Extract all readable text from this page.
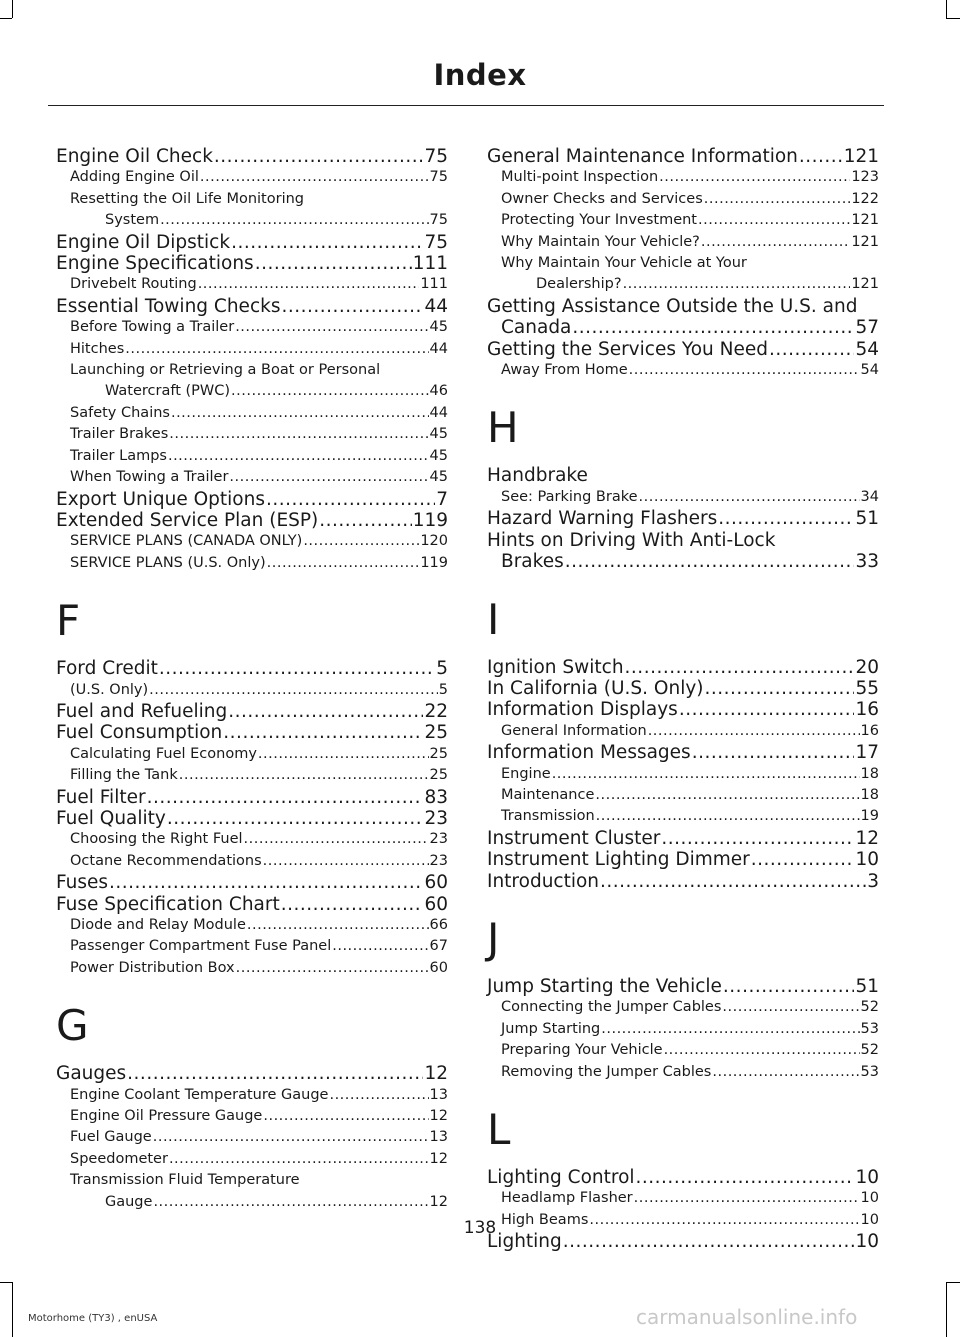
Index
Engine Oil Check .....	75
Adding Engine Oil .....	75
Resetting the Oil Life Monitoring
System .....	75
Engine Oil Dipstick .....	75
Engine Specifications .....	111
Drivebelt Routing .....	111
Essential Towing Checks .....	44
Before Towing a Trailer .....	45
Hitches .....	44
Launching or Retrieving a Boat or Personal
Watercraft (PWC) .....	46
Safety Chains .....	44
Trailer Brakes .....	45
Trailer Lamps .....	45
When Towing a Trailer .....	45
Export Unique Options .....	7
Extended Service Plan (ESP) .....	119
SERVICE PLANS (CANADA ONLY) .....	120
SERVICE PLANS (U.S. Only) .....	119
F
Ford Credit .....	5
(U.S. Only) .....	5
Fuel and Refueling .....	22
Fuel Consumption .....	25
Calculating Fuel Economy .....	25
Filling the Tank .....	25
Fuel Filter .....	83
Fuel Quality .....	23
Choosing the Right Fuel .....	23
Octane Recommendations .....	23
Fuses .....	60
Fuse Specification Chart .....	60
Diode and Relay Module .....	66
Passenger Compartment Fuse Panel .....	67
Power Distribution Box .....	60
G
Gauges .....	12
Engine Coolant Temperature Gauge .....	13
Engine Oil Pressure Gauge .....	12
Fuel Gauge .....	13
Speedometer .....	12
Transmission Fluid Temperature
Gauge .....	12
General Maintenance Information ..... 121
Multi-point Inspection .....	123
Owner Checks and Services .....	122
Protecting Your Investment .....	121
Why Maintain Your Vehicle? .....	121
Why Maintain Your Vehicle at Your
Dealership? .....	121
Getting Assistance Outside the U.S. and
Canada .....	57
Getting the Services You Need .....	54
Away From Home .....	54
H
Handbrake
See: Parking Brake .....	34
Hazard Warning Flashers .....	51
Hints on Driving With Anti-Lock
Brakes .....	33
I
Ignition Switch .....	20
In California (U.S. Only) .....	55
Information Displays .....	16
General Information .....	16
Information Messages .....	17
Engine .....	18
Maintenance .....	18
Transmission .....	19
Instrument Cluster .....	12
Instrument Lighting Dimmer .....	10
Introduction .....	3
J
Jump Starting the Vehicle .....	51
Connecting the Jumper Cables .....	52
Jump Starting .....	53
Preparing Your Vehicle .....	52
Removing the Jumper Cables .....	53
L
Lighting Control .....	10
Headlamp Flasher .....	10
High Beams .....	10
Lighting .....	10
138
Motorhome (TY3) , enUSA	carmanualsonline.info
